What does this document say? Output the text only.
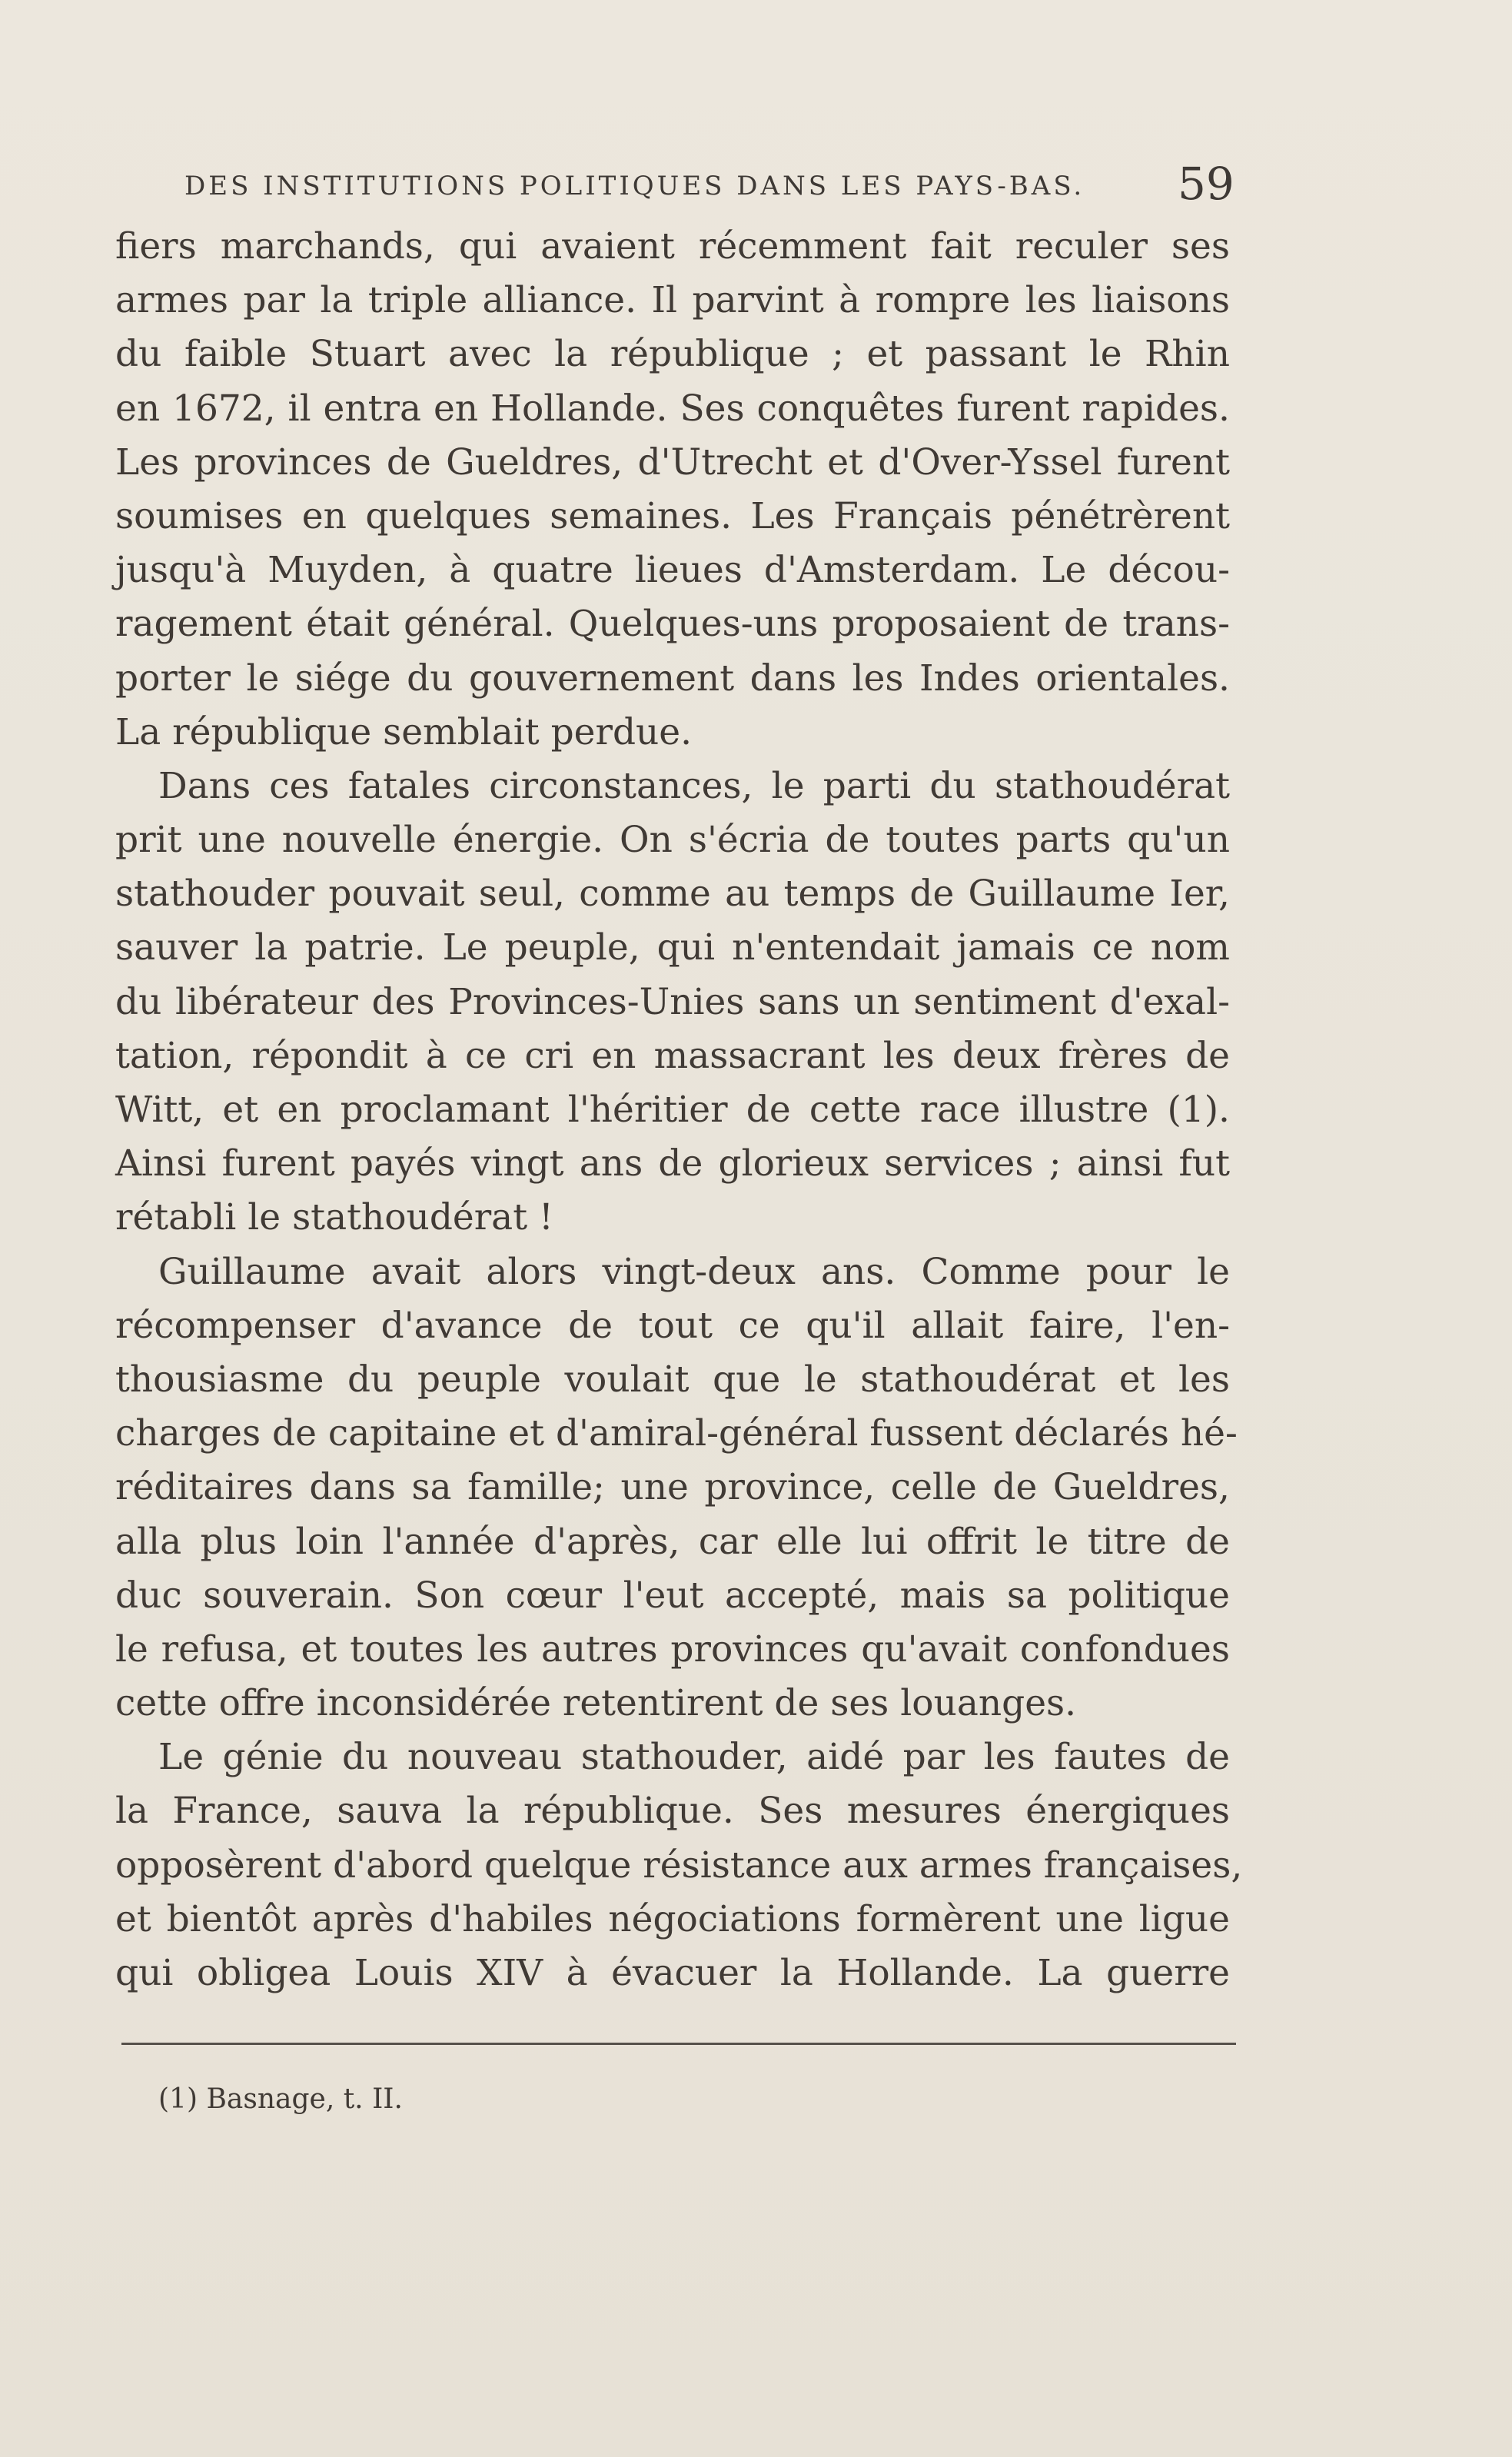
DES INSTITUTIONS POLITIQUES DANS LES PAYS-BAS.	59
fiers marchands, qui avaient récemment fait reculer ses
armes par la triple alliance. Il parvint à rompre les liaisons
du faible Stuart avec la république ; et passant le Rhin
en 1672, il entra en Hollande. Ses conquêtes furent rapides.
Les provinces de Gueldres, d'Utrecht et d'Over-Yssel furent
soumises en quelques semaines. Les Français pénétrèrent
jusqu'à Muyden, à quatre lieues d'Amsterdam. Le décou-
ragement était général. Quelques-uns proposaient de trans-
porter le siége du gouvernement dans les Indes orientales.
La république semblait perdue.
Dans ces fatales circonstances, le parti du stathoudérat
prit une nouvelle énergie. On s'écria de toutes parts qu'un
stathouder pouvait seul, comme au temps de Guillaume Ier,
sauver la patrie. Le peuple, qui n'entendait jamais ce nom
du libérateur des Provinces-Unies sans un sentiment d'exal-
tation, répondit à ce cri en massacrant les deux frères de
Witt, et en proclamant l'héritier de cette race illustre (1).
Ainsi furent payés vingt ans de glorieux services ; ainsi fut
rétabli le stathoudérat !
Guillaume avait alors vingt-deux ans. Comme pour le
récompenser d'avance de tout ce qu'il allait faire, l'en-
thousiasme du peuple voulait que le stathoudérat et les
charges de capitaine et d'amiral-général fussent déclarés hé-
réditaires dans sa famille; une province, celle de Gueldres,
alla plus loin l'année d'après, car elle lui offrit le titre de
duc souverain. Son cœur l'eut accepté, mais sa politique
le refusa, et toutes les autres provinces qu'avait confondues
cette offre inconsidérée retentirent de ses louanges.
Le génie du nouveau stathouder, aidé par les fautes de
la France, sauva la république. Ses mesures énergiques
opposèrent d'abord quelque résistance aux armes françaises,
et bientôt après d'habiles négociations formèrent une ligue
qui obligea Louis XIV à évacuer la Hollande. La guerre
(1) Basnage, t. II.
